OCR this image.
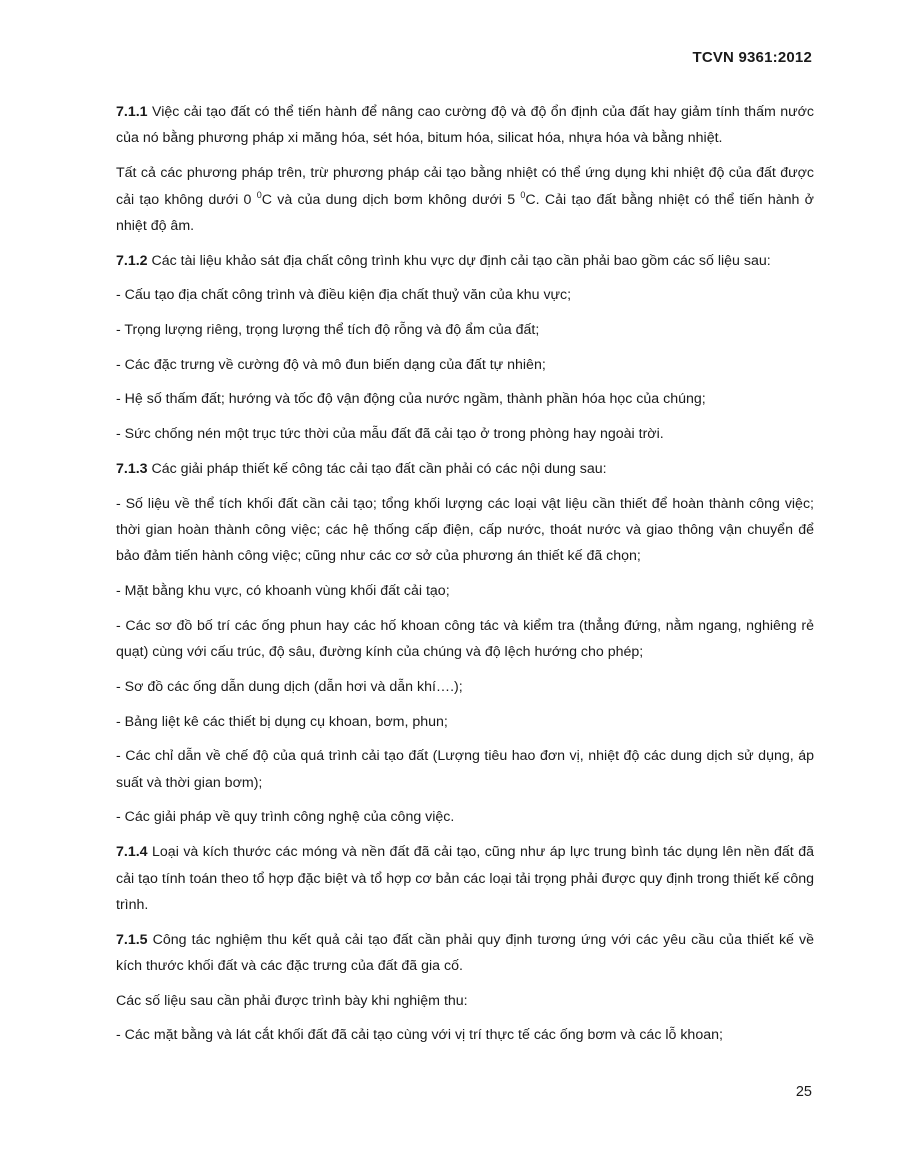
TCVN 9361:2012

7.1.1 Việc cải tạo đất có thể tiến hành để nâng cao cường độ và độ ổn định của đất hay giảm tính thấm nước của nó bằng phương pháp xi măng hóa, sét hóa, bitum hóa, silicat hóa, nhựa hóa và bằng nhiệt.

Tất cả các phương pháp trên, trừ phương pháp cải tạo bằng nhiệt có thể ứng dụng khi nhiệt độ của đất được cải tạo không dưới 0 $^0$C và của dung dịch bơm không dưới 5 $^0$C. Cải tạo đất bằng nhiệt có thể tiến hành ở nhiệt độ âm.

7.1.2 Các tài liệu khảo sát địa chất công trình khu vực dự định cải tạo cần phải bao gồm các số liệu sau:

- Cấu tạo địa chất công trình và điều kiện địa chất thuỷ văn của khu vực;

- Trọng lượng riêng, trọng lượng thể tích độ rỗng và độ ẩm của đất;

- Các đặc trưng về cường độ và mô đun biến dạng của đất tự nhiên;

- Hệ số thấm đất; hướng và tốc độ vận động của nước ngầm, thành phần hóa học của chúng;

- Sức chống nén một trục tức thời của mẫu đất đã cải tạo ở trong phòng hay ngoài trời.

7.1.3 Các giải pháp thiết kế công tác cải tạo đất cần phải có các nội dung sau:

- Số liệu về thể tích khối đất cần cải tạo; tổng khối lượng các loại vật liệu cần thiết để hoàn thành công việc; thời gian hoàn thành công việc; các hệ thống cấp điện, cấp nước, thoát nước và giao thông vận chuyển để bảo đảm tiến hành công việc; cũng như các cơ sở của phương án thiết kế đã chọn;

- Mặt bằng khu vực, có khoanh vùng khối đất cải tạo;

- Các sơ đồ bố trí các ống phun hay các hố khoan công tác và kiểm tra (thẳng đứng, nằm ngang, nghiêng rẻ quạt) cùng với cấu trúc, độ sâu, đường kính của chúng và độ lệch hướng cho phép;

- Sơ đồ các ống dẫn dung dịch (dẫn hơi và dẫn khí….);

- Bảng liệt kê các thiết bị dụng cụ khoan, bơm, phun;

- Các chỉ dẫn về chế độ của quá trình cải tạo đất (Lượng tiêu hao đơn vị, nhiệt độ các dung dịch sử dụng, áp suất và thời gian bơm);

- Các giải pháp về quy trình công nghệ của công việc.

7.1.4 Loại và kích thước các móng và nền đất đã cải tạo, cũng như áp lực trung bình tác dụng lên nền đất đã cải tạo tính toán theo tổ hợp đặc biệt và tổ hợp cơ bản các loại tải trọng phải được quy định trong thiết kế công trình.

7.1.5 Công tác nghiệm thu kết quả cải tạo đất cần phải quy định tương ứng với các yêu cầu của thiết kế về kích thước khối đất và các đặc trưng của đất đã gia cố.

Các số liệu sau cần phải được trình bày khi nghiệm thu:

- Các mặt bằng và lát cắt khối đất đã cải tạo cùng với vị trí thực tế các ống bơm và các lỗ khoan;

25
